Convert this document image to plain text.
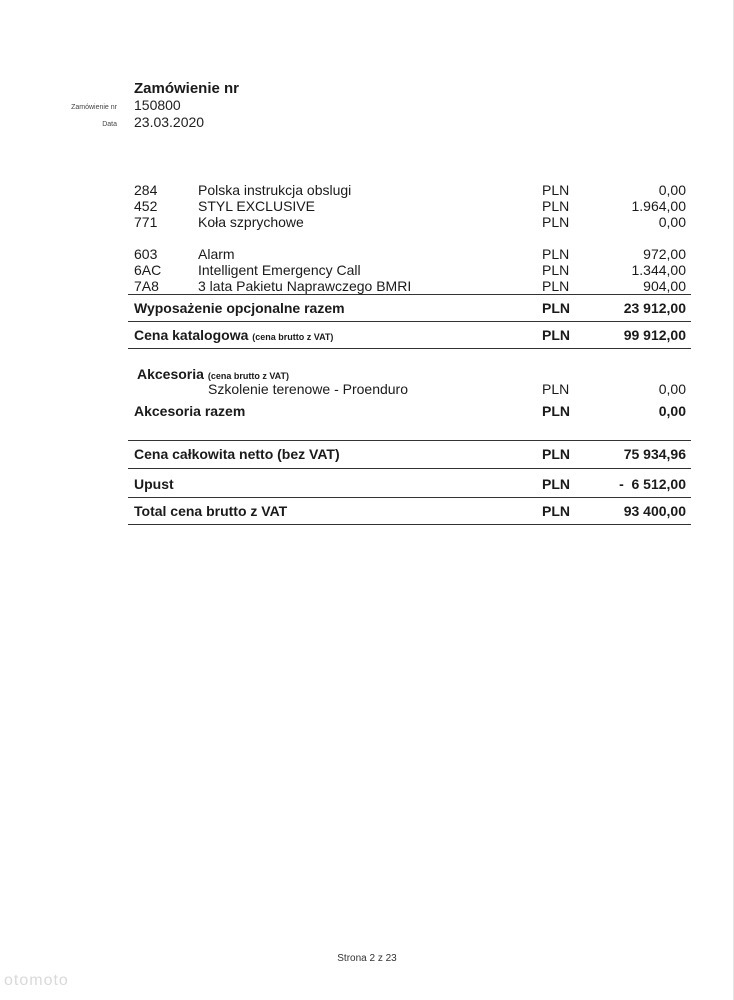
Zamówienie nr
Zamówienie nr 150800
Data 23.03.2020
284	Polska instrukcja obslugi	PLN	0,00
452	STYL EXCLUSIVE	PLN	1.964,00
771	Koła szprychowe	PLN	0,00
603	Alarm	PLN	972,00
6AC	Intelligent Emergency Call	PLN	1.344,00
7A8	3 lata Pakietu Naprawczego BMRI	PLN	904,00
Wyposażenie opcjonalne razem	PLN	23 912,00
Cena katalogowa (cena brutto z VAT)	PLN	99 912,00
Akcesoria (cena brutto z VAT)
Szkolenie terenowe - Proenduro	PLN	0,00
Akcesoria razem	PLN	0,00
Cena całkowita netto (bez VAT)	PLN	75 934,96
Upust	PLN	-  6 512,00
Total cena brutto z VAT	PLN	93 400,00
Strona 2 z 23
otomoto
